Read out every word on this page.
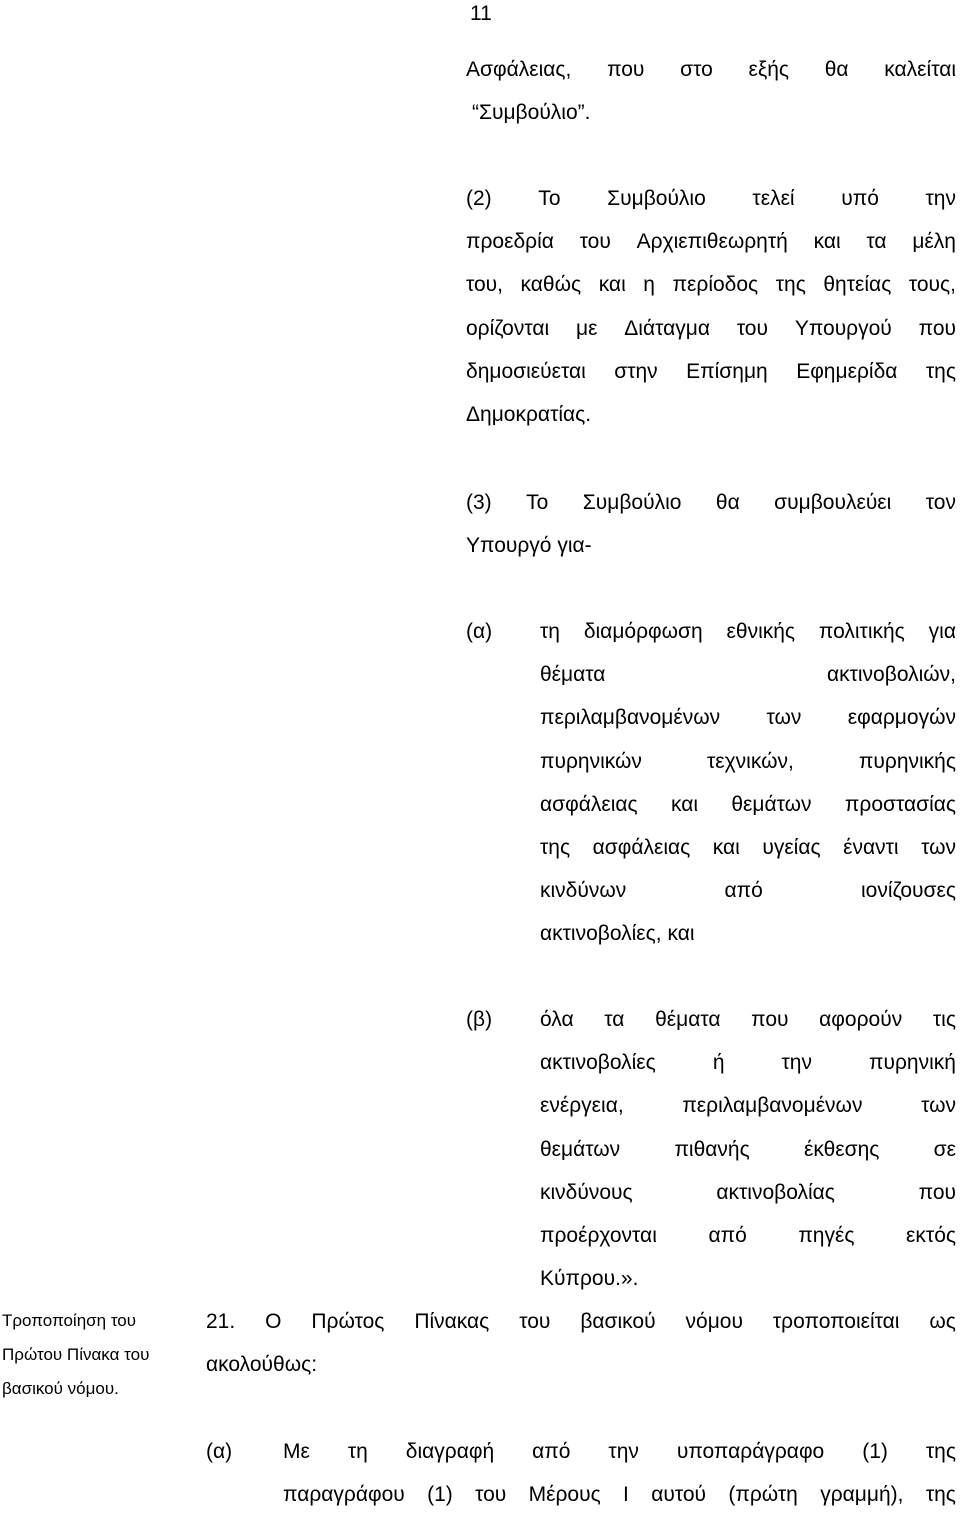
11
Ασφάλειας, που στο εξής θα καλείται
“Συμβούλιο”.
(2) Το Συμβούλιο τελεί υπό την
προεδρία του Αρχιεπιθεωρητή και τα μέλη
του, καθώς και η περίοδος της θητείας τους,
ορίζονται με Διάταγμα του Υπουργού που
δημοσιεύεται στην Επίσημη Εφημερίδα της
Δημοκρατίας.
(3) Το Συμβούλιο θα συμβουλεύει τον
Υπουργό για-
(α) τη διαμόρφωση εθνικής πολιτικής για
θέματα	ακτινοβολιών,
περιλαμβανομένων των εφαρμογών
πυρηνικών	τεχνικών,	πυρηνικής
ασφάλειας και θεμάτων προστασίας
της ασφάλειας και υγείας έναντι των
κινδύνων	από	ιονίζουσες
ακτινοβολίες, και
(β) όλα τα θέματα που αφορούν τις
ακτινοβολίες	ή	την	πυρηνική
ενέργεια,	περιλαμβανομένων	των
θεμάτων	πιθανής	έκθεσης	σε
κινδύνους	ακτινοβολίας	που
προέρχονται από πηγές εκτός
Κύπρου.».
Τροποποίηση του
Πρώτου Πίνακα του
βασικού νόμου.
21. Ο Πρώτος Πίνακας του βασικού νόμου τροποποιείται ως
ακολούθως:
(α) Με τη διαγραφή από την υποπαράγραφο (1) της
παραγράφου (1) του Μέρους Ι αυτού (πρώτη γραμμή), της
